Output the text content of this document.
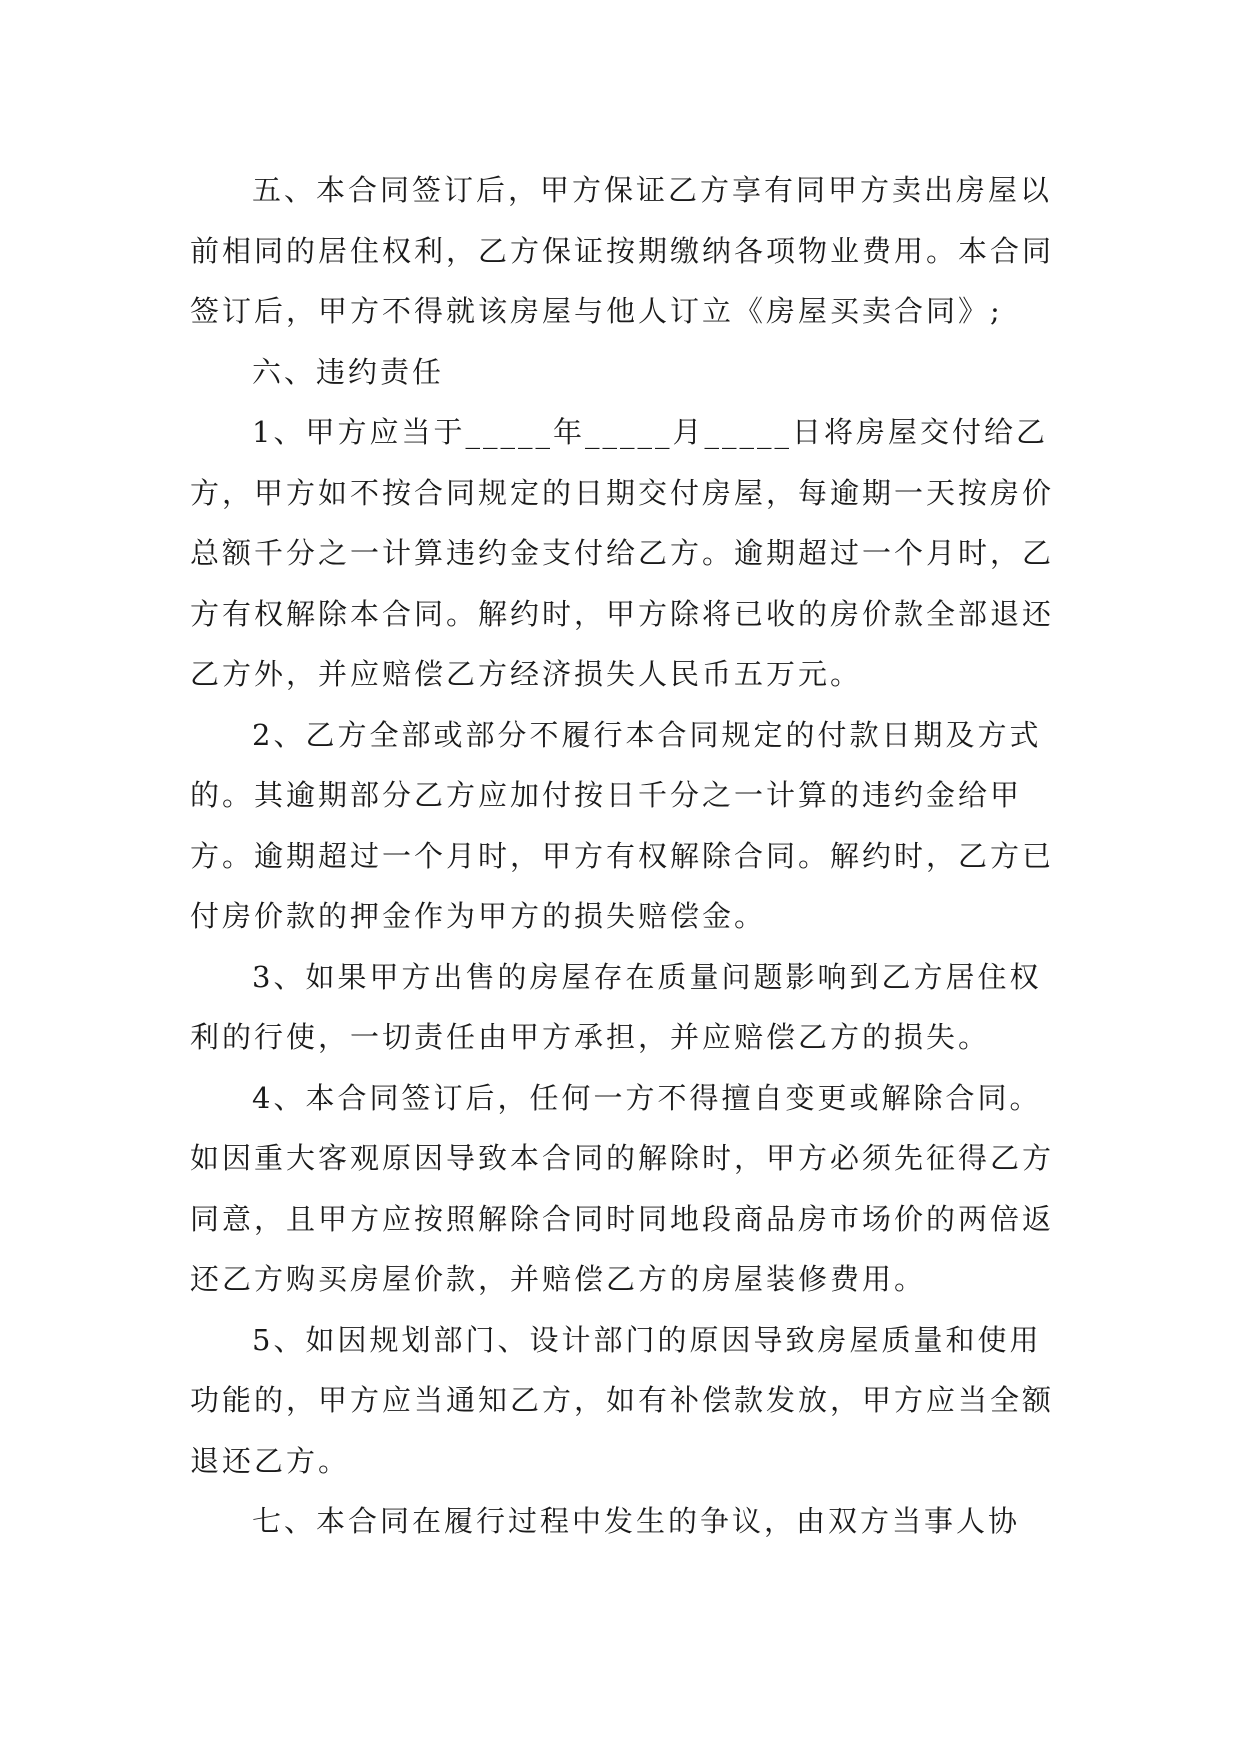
五、本合同签订后，甲方保证乙方享有同甲方卖出房屋以前相同的居住权利，乙方保证按期缴纳各项物业费用。本合同签订后，甲方不得就该房屋与他人订立《房屋买卖合同》;

六、违约责任

1、甲方应当于_____年_____月_____日将房屋交付给乙方，甲方如不按合同规定的日期交付房屋，每逾期一天按房价总额千分之一计算违约金支付给乙方。逾期超过一个月时，乙方有权解除本合同。解约时，甲方除将已收的房价款全部退还乙方外，并应赔偿乙方经济损失人民币五万元。

2、乙方全部或部分不履行本合同规定的付款日期及方式的。其逾期部分乙方应加付按日千分之一计算的违约金给甲方。逾期超过一个月时，甲方有权解除合同。解约时，乙方已付房价款的押金作为甲方的损失赔偿金。

3、如果甲方出售的房屋存在质量问题影响到乙方居住权利的行使，一切责任由甲方承担，并应赔偿乙方的损失。

4、本合同签订后，任何一方不得擅自变更或解除合同。如因重大客观原因导致本合同的解除时，甲方必须先征得乙方同意，且甲方应按照解除合同时同地段商品房市场价的两倍返还乙方购买房屋价款，并赔偿乙方的房屋装修费用。

5、如因规划部门、设计部门的原因导致房屋质量和使用功能的，甲方应当通知乙方，如有补偿款发放，甲方应当全额退还乙方。

七、本合同在履行过程中发生的争议，由双方当事人协
